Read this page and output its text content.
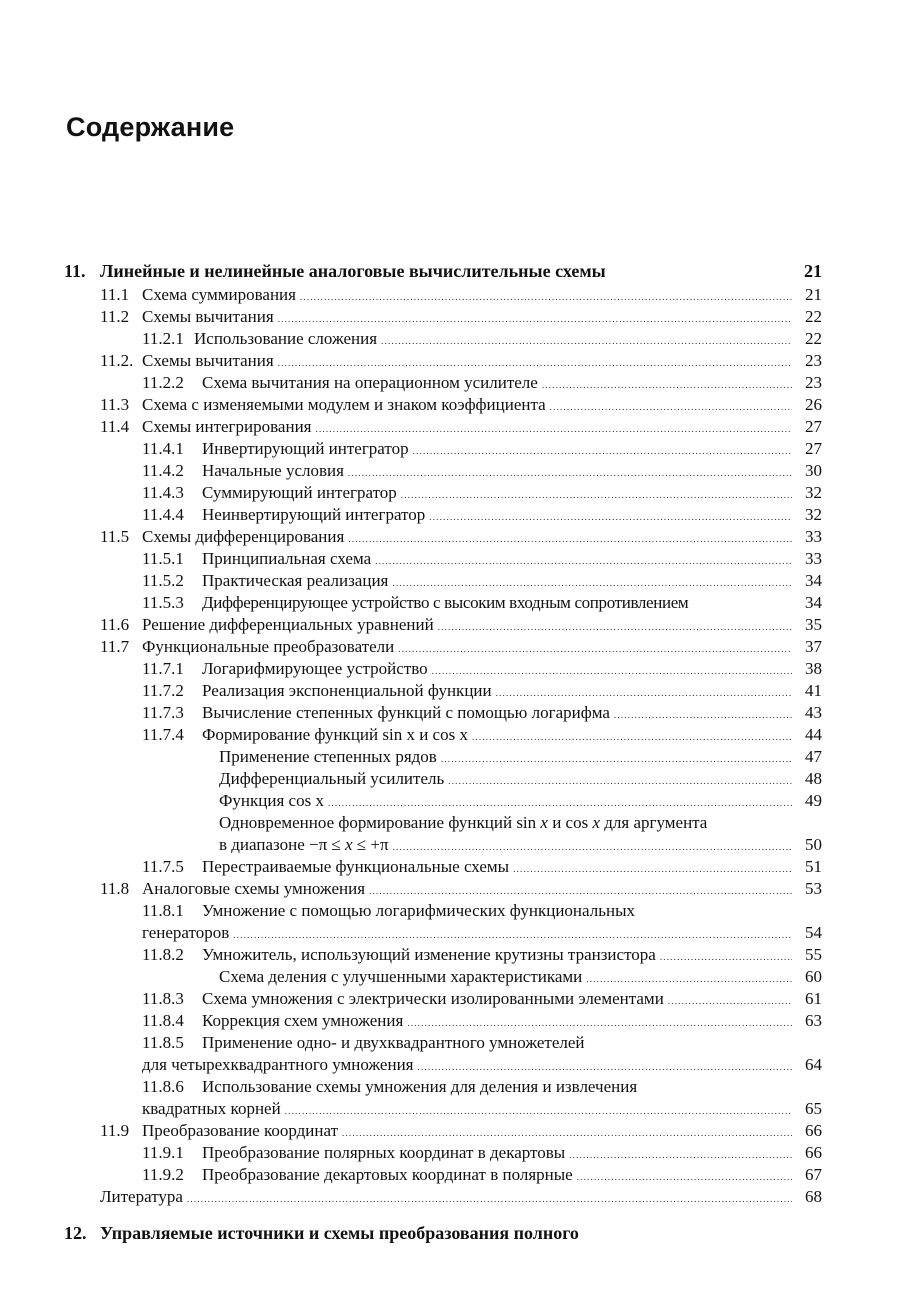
Содержание
11. Линейные и нелинейные аналоговые вычислительные схемы	21
11.1 Схема суммирования .....	21
11.2 Схемы вычитания .....	22
11.2.1 Использование сложения .....	22
11.2. Схемы вычитания .....	23
11.2.2	Схема вычитания на операционном усилителе .....	23
11.3 Схема с изменяемыми модулем и знаком коэффициента .....	26
11.4 Схемы интегрирования .....	27
11.4.1	Инвертирующий интегратор .....	27
11.4.2	Начальные условия .....	30
11.4.3	Суммирующий интегратор .....	32
11.4.4	Неинвертирующий интегратор .....	32
11.5 Схемы дифференцирования .....	33
11.5.1	Принципиальная схема .....	33
11.5.2	Практическая реализация .....	34
11.5.3	Дифференцирующее устройство с высоким входным сопротивлением	34
11.6 Решение дифференциальных уравнений .....	35
11.7 Функциональные преобразователи .....	37
11.7.1	Логарифмирующее устройство .....	38
11.7.2	Реализация экспоненциальной функции .....	41
11.7.3	Вычисление степенных функций с помощью логарифма .....	43
11.7.4	Формирование функций sin x и cos x .....	44
Применение степенных рядов .....	47
Дифференциальный усилитель .....	48
Функция cos x .....	49
Одновременное формирование функций sin x и cos x для аргумента
в диапазоне −π ≤ x ≤ +π .....	50
11.7.5	Перестраиваемые функциональные схемы .....	51
11.8 Аналоговые схемы умножения .....	53
11.8.1	Умножение с помощью логарифмических функциональных
генераторов .....	54
11.8.2	Умножитель, использующий изменение крутизны транзистора .....	55
Схема деления с улучшенными характеристиками .....	60
11.8.3	Схема умножения с электрически изолированными элементами .....	61
11.8.4	Коррекция схем умножения .....	63
11.8.5	Применение одно- и двухквадрантного умножетелей
для четырехквадрантного умножения .....	64
11.8.6	Использование схемы умножения для деления и извлечения
квадратных корней .....	65
11.9 Преобразование координат .....	66
11.9.1	Преобразование полярных координат в декартовы .....	66
11.9.2	Преобразование декартовых координат в полярные .....	67
Литература .....	68
12. Управляемые источники и схемы преобразования полного
